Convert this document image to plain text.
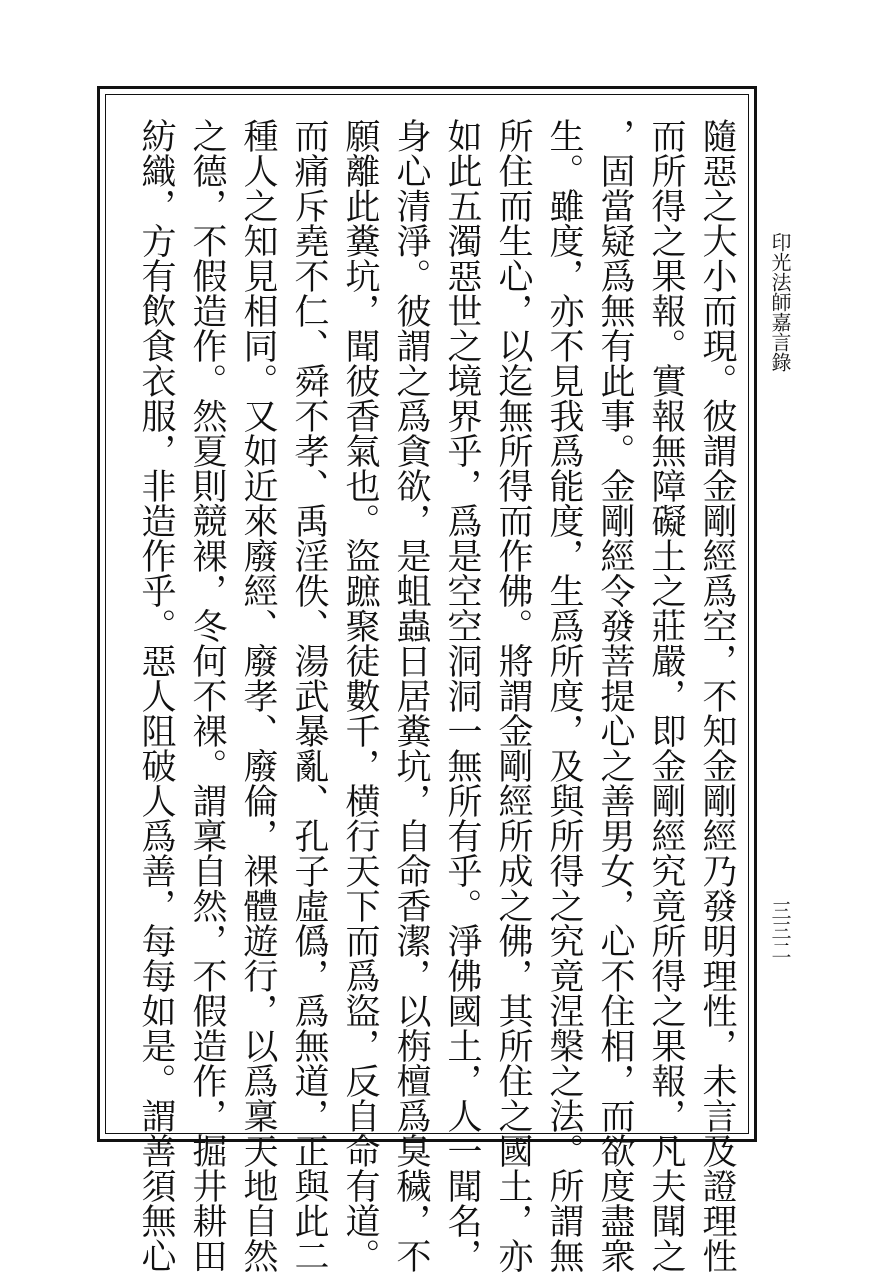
印光法師嘉言錄
三三二
隨惡之大小而現。彼謂金剛經爲空，不知金剛經乃發明理性，未言及證理性
而所得之果報。實報無障礙土之莊嚴，即金剛經究竟所得之果報，凡夫聞之
，固當疑爲無有此事。金剛經令發菩提心之善男女，心不住相，而欲度盡衆
生。雖度，亦不見我爲能度，生爲所度，及與所得之究竟涅槃之法。所謂無
所住而生心，以迄無所得而作佛。將謂金剛經所成之佛，其所住之國土，亦
如此五濁惡世之境界乎，爲是空空洞洞一無所有乎。淨佛國土，人一聞名，
身心清淨。彼謂之爲貪欲，是蛆蟲日居糞坑，自命香潔，以栴檀爲臭穢，不
願離此糞坑，聞彼香氣也。盜蹠聚徒數千，横行天下而爲盜，反自命有道。
而痛斥堯不仁、舜不孝、禹淫佚、湯武暴亂、孔子虛僞，爲無道，正與此二
種人之知見相同。又如近來廢經、廢孝、廢倫，裸體遊行，以爲稟天地自然
之德，不假造作。然夏則競裸，冬何不裸。謂稟自然，不假造作，掘井耕田
紡織，方有飲食衣服，非造作乎。惡人阻破人爲善，每每如是。謂善須無心
